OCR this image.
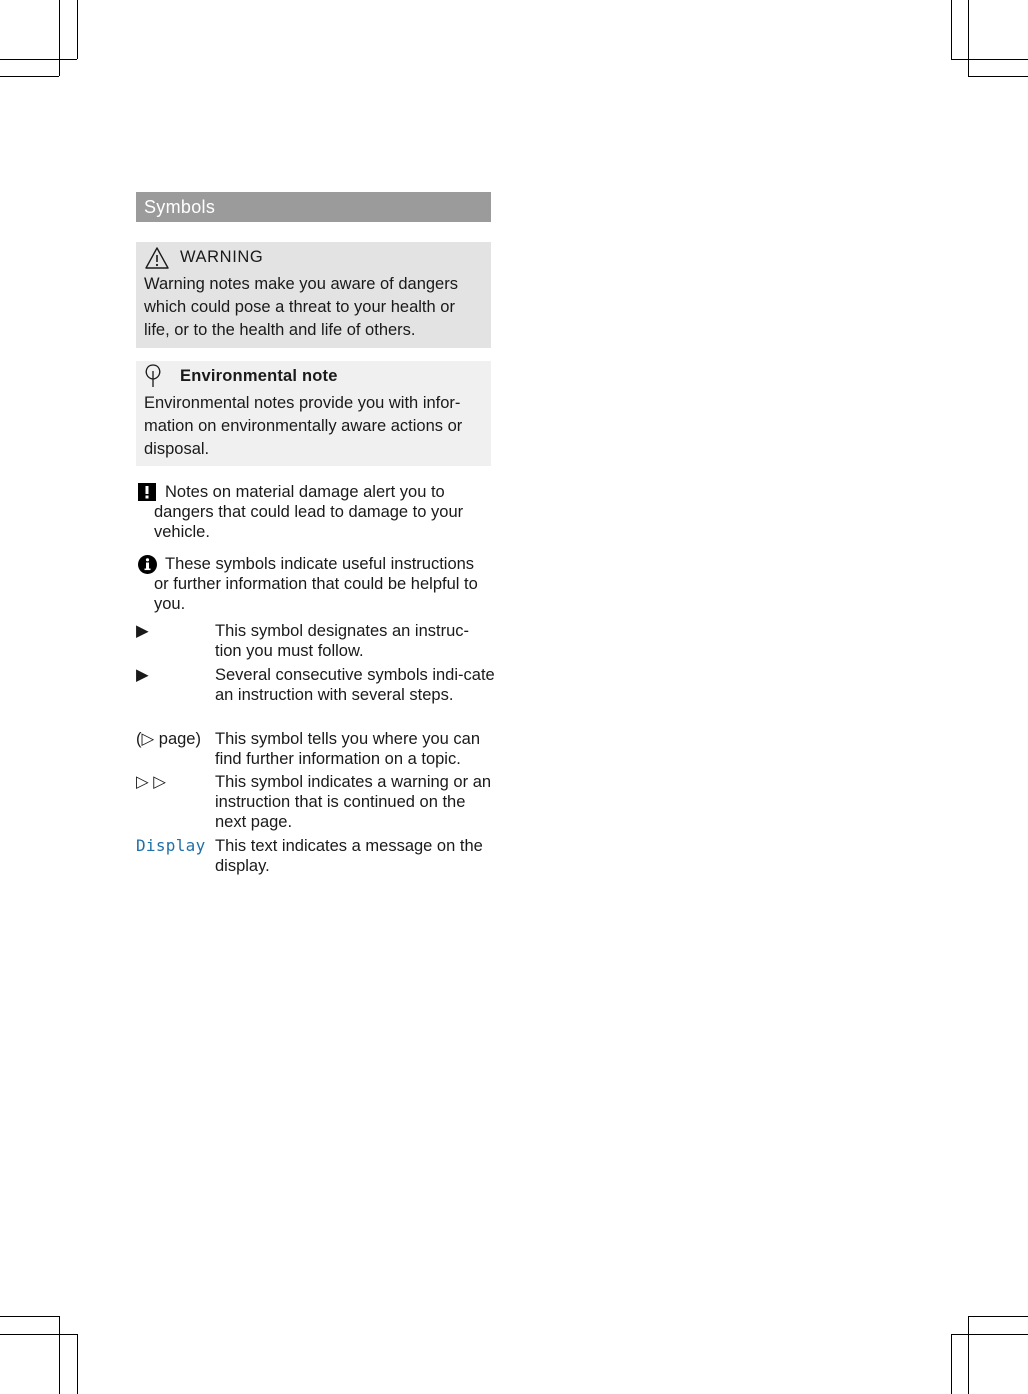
Symbols
WARNING
Warning notes make you aware of dangers
which could pose a threat to your health or
life, or to the health and life of others.
Environmental note
Environmental notes provide you with infor-
mation on environmentally aware actions or
disposal.
Notes on material damage alert you to
dangers that could lead to damage to your vehicle.
These symbols indicate useful instructions
or further information that could be helpful to you.
▶	This symbol designates an instruc-tion you must follow.
▶	Several consecutive symbols indi-cate an instruction with several steps.
(▷ page) This symbol tells you where you can find further information on a topic.
▷ ▷	This symbol indicates a warning or an instruction that is continued on the next page.
Display This text indicates a message on the display.
